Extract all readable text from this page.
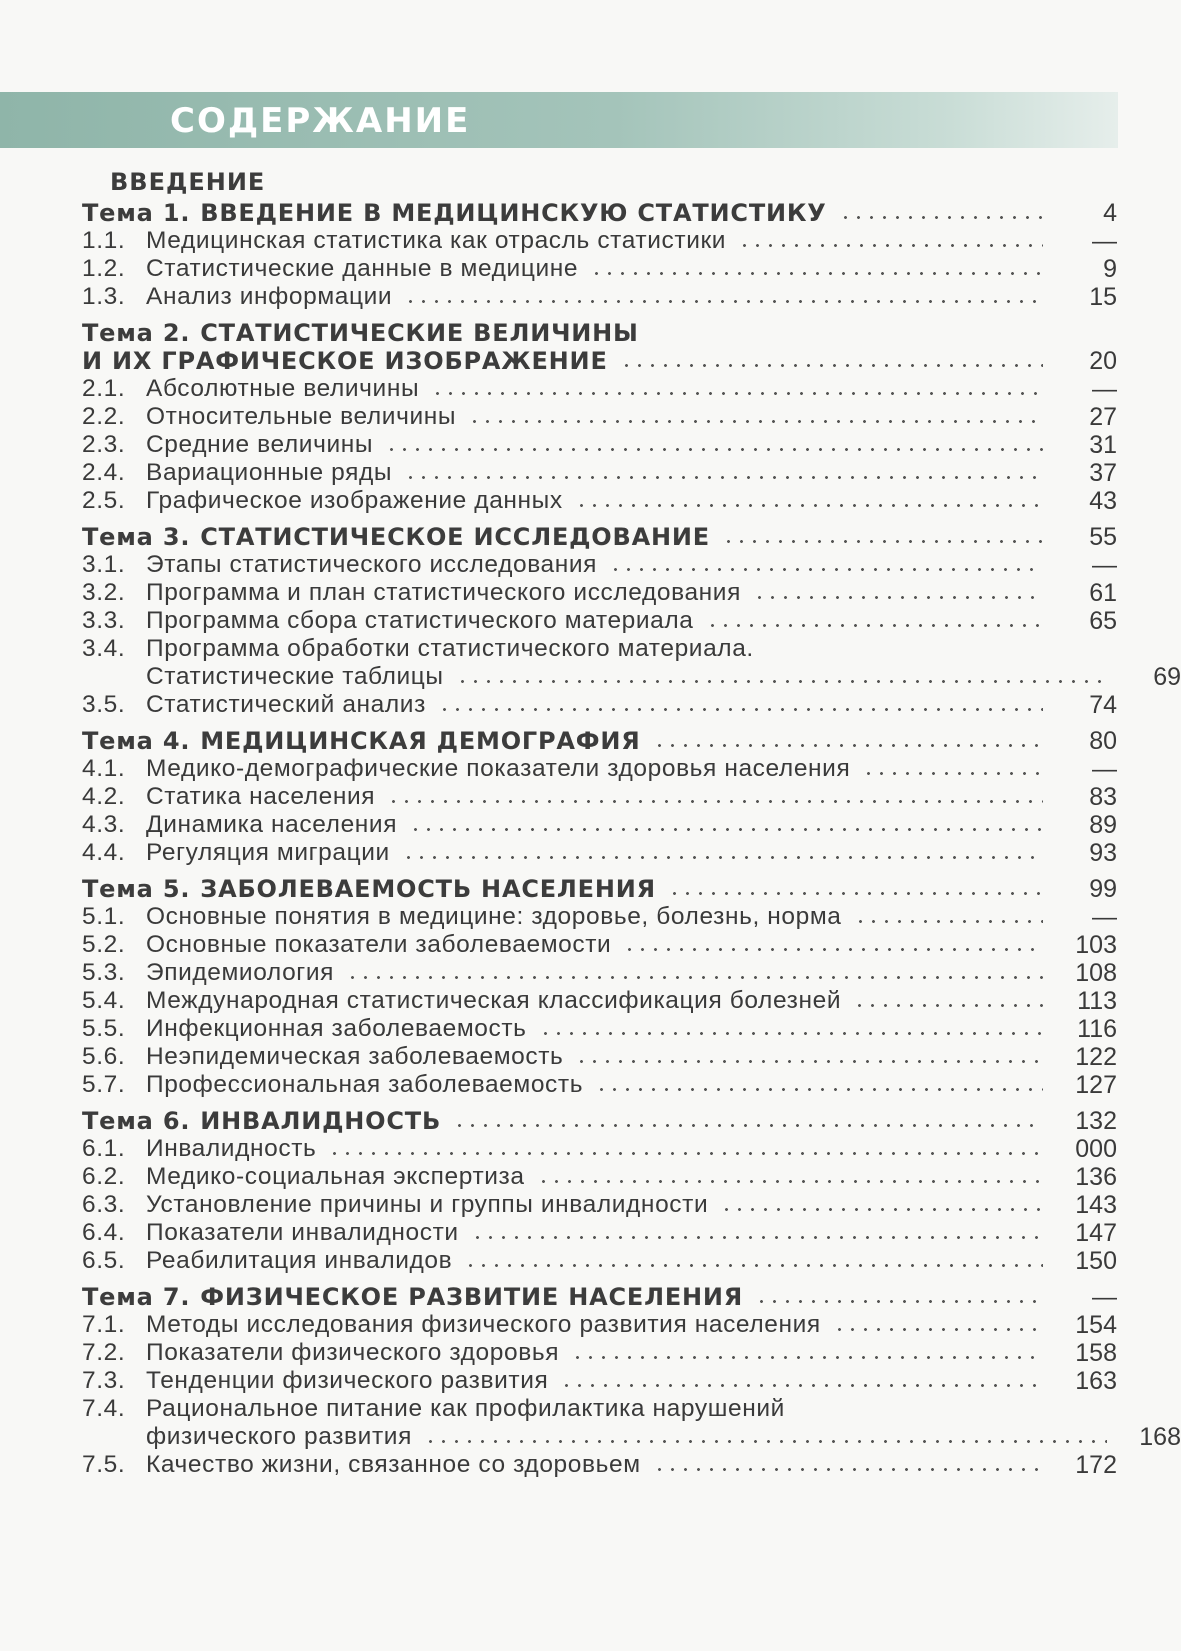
СОДЕРЖАНИЕ
ВВЕДЕНИЕ
Тема 1. ВВЕДЕНИЕ В МЕДИЦИНСКУЮ СТАТИСТИКУ	4
1.1. Медицинская статистика как отрасль статистики	—
1.2. Статистические данные в медицине	9
1.3. Анализ информации	15
Тема 2. СТАТИСТИЧЕСКИЕ ВЕЛИЧИНЫ
И ИХ ГРАФИЧЕСКОЕ ИЗОБРАЖЕНИЕ	20
2.1. Абсолютные величины	—
2.2. Относительные величины	27
2.3. Средние величины	31
2.4. Вариационные ряды	37
2.5. Графическое изображение данных	43
Тема 3. СТАТИСТИЧЕСКОЕ ИССЛЕДОВАНИЕ	55
3.1. Этапы статистического исследования	—
3.2. Программа и план статистического исследования	61
3.3. Программа сбора статистического материала	65
3.4. Программа обработки статистического материала.
Статистические таблицы	69
3.5. Статистический анализ	74
Тема 4. МЕДИЦИНСКАЯ ДЕМОГРАФИЯ	80
4.1. Медико-демографические показатели здоровья населения	—
4.2. Статика населения	83
4.3. Динамика населения	89
4.4. Регуляция миграции	93
Тема 5. ЗАБОЛЕВАЕМОСТЬ НАСЕЛЕНИЯ	99
5.1. Основные понятия в медицине: здоровье, болезнь, норма	—
5.2. Основные показатели заболеваемости	103
5.3. Эпидемиология	108
5.4. Международная статистическая классификация болезней	113
5.5. Инфекционная заболеваемость	116
5.6. Неэпидемическая заболеваемость	122
5.7. Профессиональная заболеваемость	127
Тема 6. ИНВАЛИДНОСТЬ	132
6.1. Инвалидность	000
6.2. Медико-социальная экспертиза	136
6.3. Установление причины и группы инвалидности	143
6.4. Показатели инвалидности	147
6.5. Реабилитация инвалидов	150
Тема 7. ФИЗИЧЕСКОЕ РАЗВИТИЕ НАСЕЛЕНИЯ	—
7.1. Методы исследования физического развития населения	154
7.2. Показатели физического здоровья	158
7.3. Тенденции физического развития	163
7.4. Рациональное питание как профилактика нарушений
физического развития	168
7.5. Качество жизни, связанное со здоровьем	172
